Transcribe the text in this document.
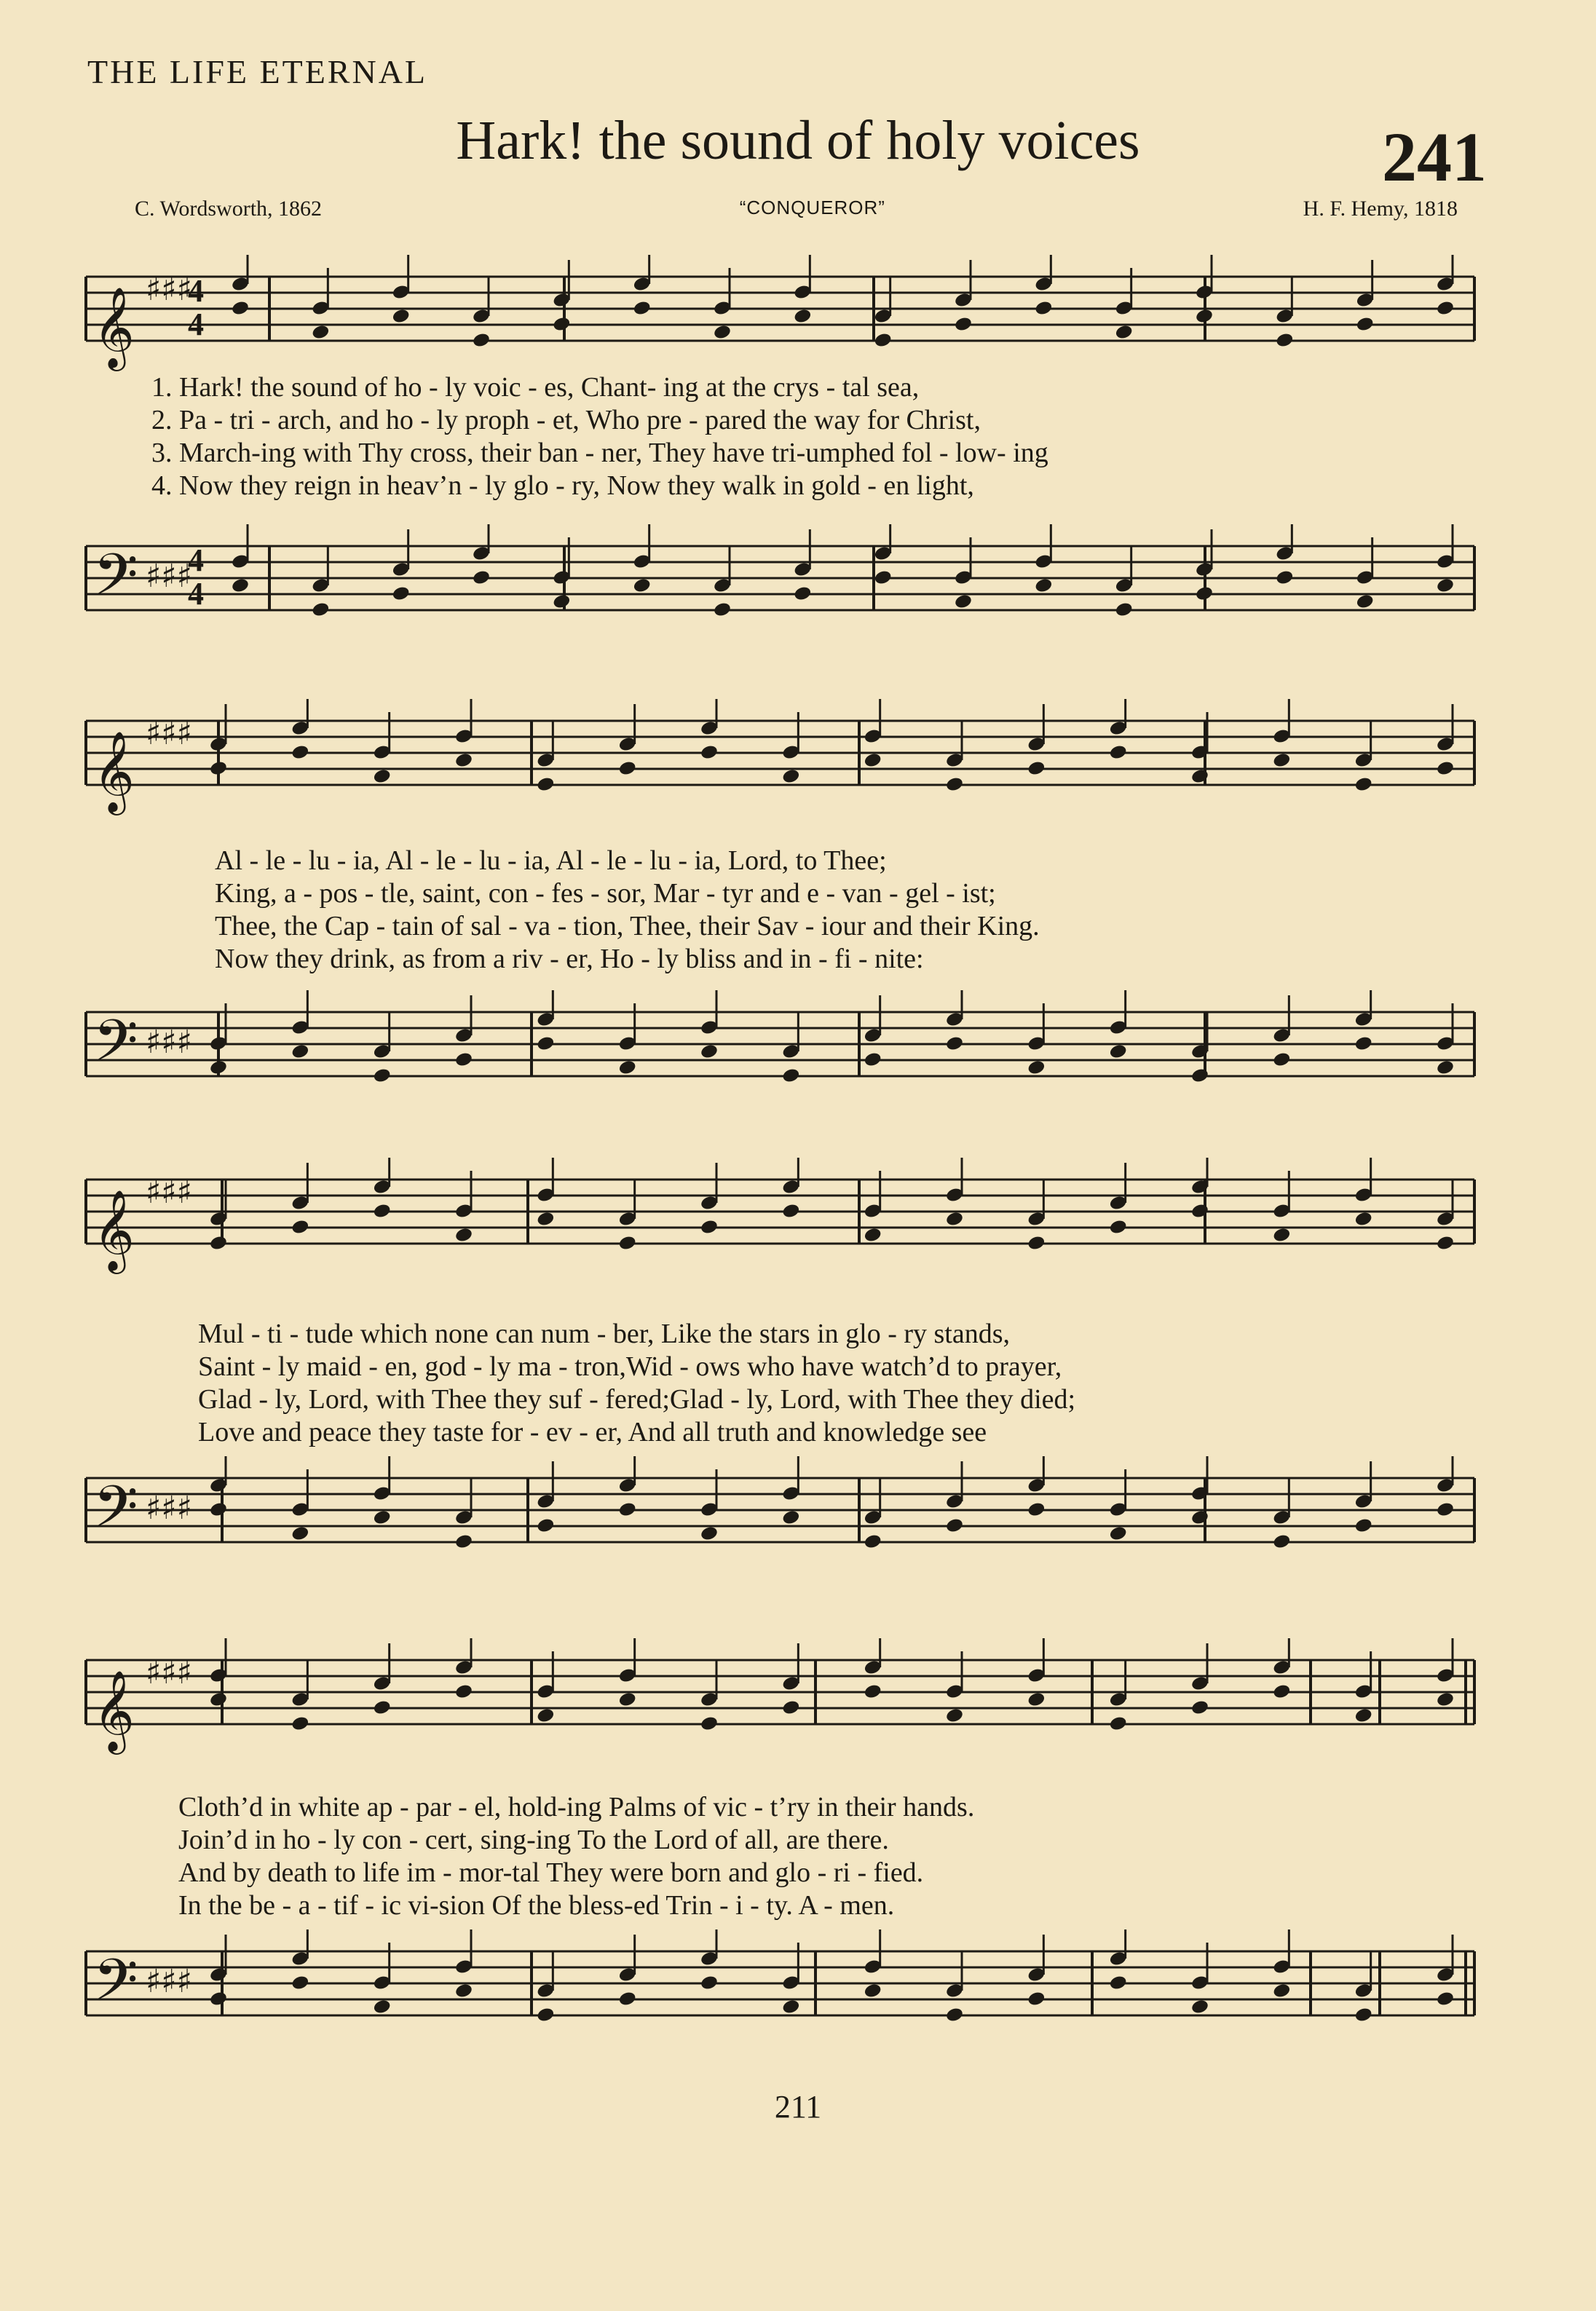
THE LIFE ETERNAL
Hark! the sound of holy voices	241
C. Wordsworth, 1862	“CONQUEROR”	H. F. Hemy, 1818
𝄞 ♯♯♯
4
4
1. Hark! the sound of ho - ly voic - es, Chant- ing at the crys - tal sea,
2. Pa - tri - arch, and ho - ly proph - et, Who pre - pared the way for Christ,
3. March-ing with Thy cross, their ban - ner, They have tri-umphed fol - low- ing
4. Now they reign in heav’n - ly glo - ry, Now they walk in gold - en light,
𝄢 ♯♯♯
4
4
𝄞 ♯♯♯
Al - le - lu - ia, Al - le - lu - ia, Al - le - lu - ia, Lord, to Thee;
King, a - pos - tle, saint, con - fes - sor, Mar - tyr and e - van - gel - ist;
Thee, the Cap - tain of sal - va - tion, Thee, their Sav - iour and their King.
Now they drink, as from a riv - er, Ho - ly bliss and in - fi - nite:
𝄢 ♯♯♯
𝄞 ♯♯♯
Mul - ti - tude which none can num - ber, Like the stars in glo - ry stands,
Saint - ly maid - en, god - ly ma - tron,Wid - ows who have watch’d to prayer,
Glad - ly, Lord, with Thee they suf - fered;Glad - ly, Lord, with Thee they died;
Love and peace they taste for - ev - er, And all truth and knowledge see
𝄢 ♯♯♯
𝄞 ♯♯♯
Cloth’d in white ap - par - el, hold-ing Palms of vic - t’ry in their hands.
Join’d in ho - ly con - cert, sing-ing To the Lord of all, are there.
And by death to life im - mor-tal They were born and glo - ri - fied.
In the be - a - tif - ic vi-sion Of the bless-ed Trin - i - ty. A - men.
𝄢 ♯♯♯
211
